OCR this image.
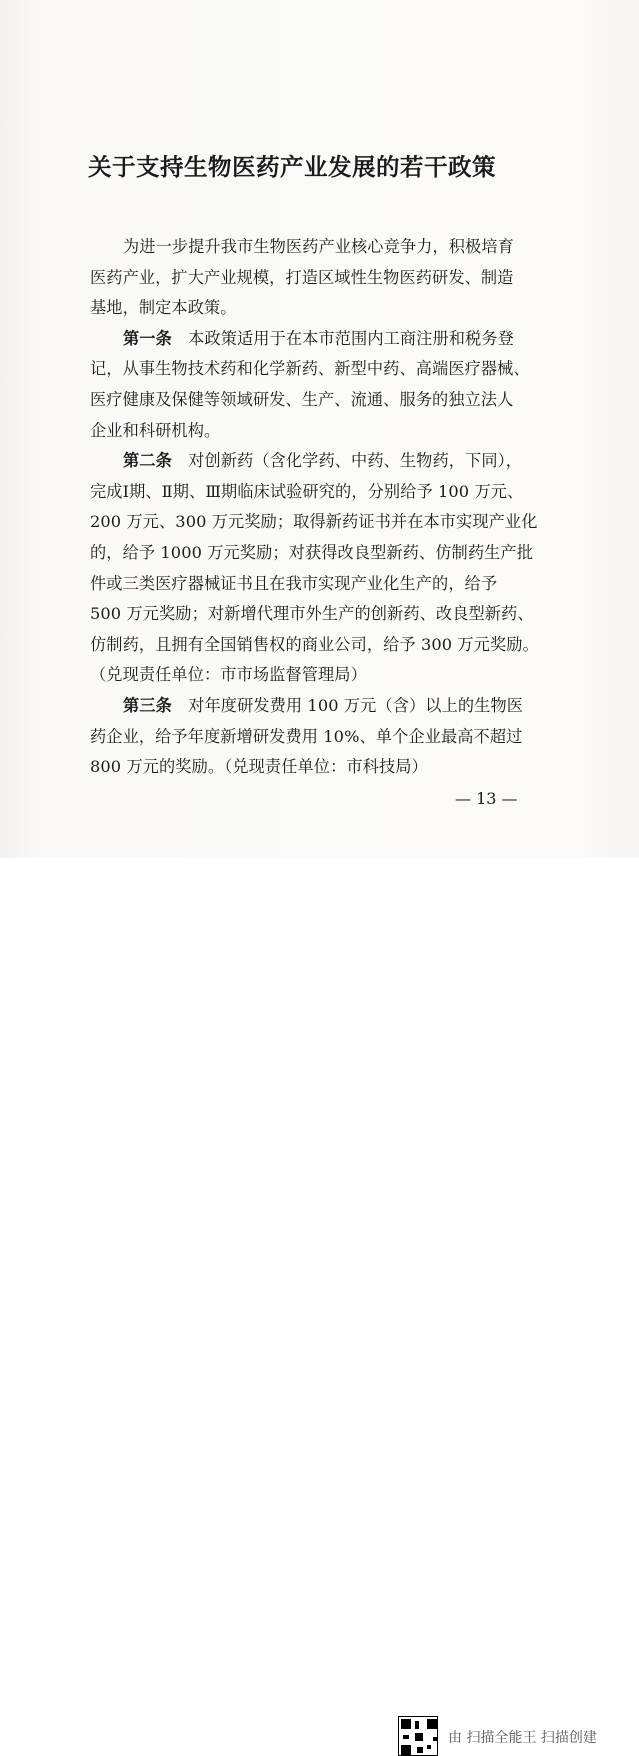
关于支持生物医药产业发展的若干政策
为进一步提升我市生物医药产业核心竞争力，积极培育
医药产业，扩大产业规模，打造区域性生物医药研发、制造
基地，制定本政策。
第一条　本政策适用于在本市范围内工商注册和税务登
记，从事生物技术药和化学新药、新型中药、高端医疗器械、
医疗健康及保健等领域研发、生产、流通、服务的独立法人
企业和科研机构。
第二条　对创新药（含化学药、中药、生物药，下同），
完成Ⅰ期、Ⅱ期、Ⅲ期临床试验研究的，分别给予 100 万元、
200 万元、300 万元奖励；取得新药证书并在本市实现产业化
的，给予 1000 万元奖励；对获得改良型新药、仿制药生产批
件或三类医疗器械证书且在我市实现产业化生产的，给予
500 万元奖励；对新增代理市外生产的创新药、改良型新药、
仿制药，且拥有全国销售权的商业公司，给予 300 万元奖励。
（兑现责任单位：市市场监督管理局）
第三条　对年度研发费用 100 万元（含）以上的生物医
药企业，给予年度新增研发费用 10%、单个企业最高不超过
800 万元的奖励。（兑现责任单位：市科技局）
— 13 —
由 扫描全能王 扫描创建
